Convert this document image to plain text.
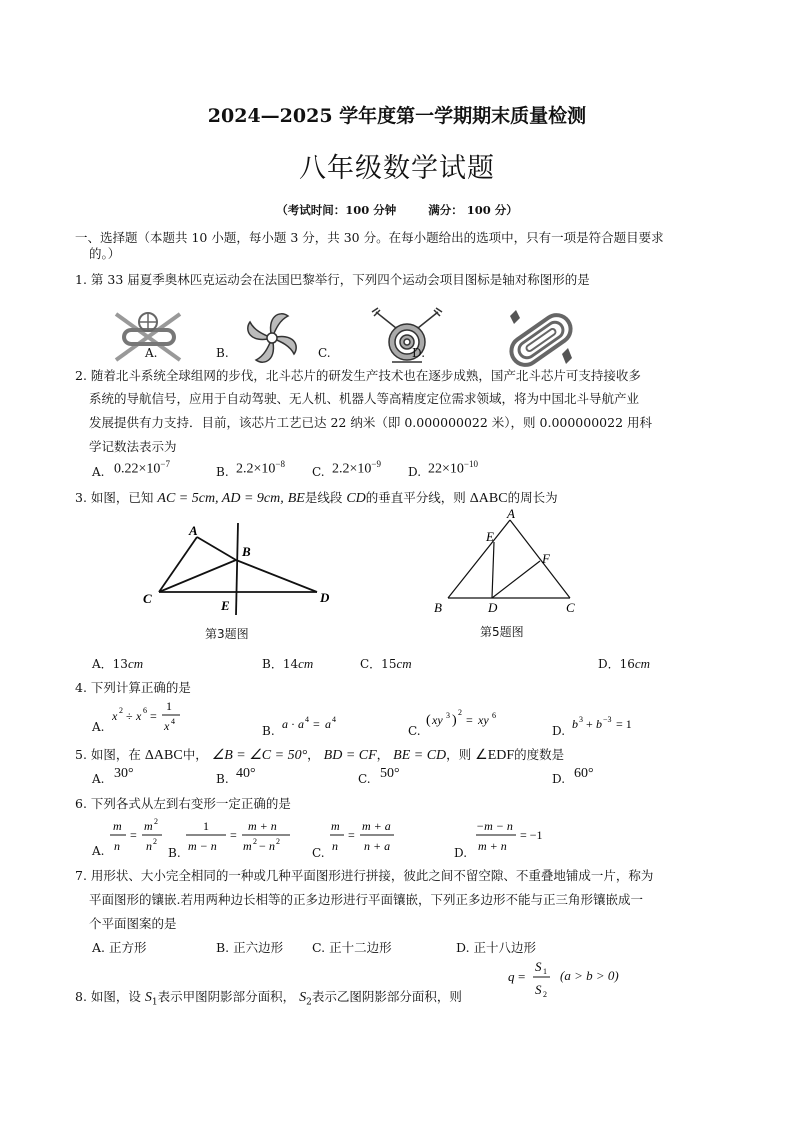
2024—2025 学年度第一学期期末质量检测
八年级数学试题
（考试时间：100 分钟	满分： 100 分）
一、选择题（本题共 10 小题，每小题 3 分，共 30 分。在每小题给出的选项中，只有一项是符合题目要求
的。）
1. 第 33 届夏季奥林匹克运动会在法国巴黎举行，下列四个运动会项目图标是轴对称图形的是
A.	B.	C.	D.
2. 随着北斗系统全球组网的步伐，北斗芯片的研发生产技术也在逐步成熟，国产北斗芯片可支持接收多
系统的导航信号，应用于自动驾驶、无人机、机器人等高精度定位需求领域，将为中国北斗导航产业
发展提供有力支持．目前，该芯片工艺已达 22 纳米（即 0.000000022 米），则 0.000000022 用科
学记数法表示为
A. $0.22\times 10^{-7}$
B. $2.2\times 10^{-8}$
C. $2.2\times 10^{-9}$
D. $22\times 10^{-10}$
3. 如图，已知 AC = 5cm, AD = 9cm, BE是线段 CD的垂直平分线，则 ΔABC的周长为
A
B
C	D
E
第3题图
A
E
F
B	D	C
第5题图
A．13cm	B．14cm	C．15cm	D．16cm
4. 下列计算正确的是
A.
x 2 ÷ x 6 =
1
x 4
B. a · a 4 = a 4
C.
( xy 3 )
2
= xy 6
D. b 3 + b −3 = 1
5. 如图，在 ΔABC中， ∠B = ∠C = 50°， BD = CF， BE = CD，则 ∠EDF的度数是
A. 30°	B. 40°	C. 50°	D. 60°
6. 下列各式从左到右变形一定正确的是
A.
m
n
=
m 2
n 2
B.
1
m − n
=
m + n
m 2 − n 2
C.
m
n
=
m + a
n + a	D.
−m − n
m + n
= −1
7. 用形状、大小完全相同的一种或几种平面图形进行拼接，彼此之间不留空隙、不重叠地铺成一片，称为
平面图形的镶嵌.若用两种边长相等的正多边形进行平面镶嵌，下列正多边形不能与正三角形镶嵌成一
个平面图案的是
A. 正方形	B. 正六边形 C. 正十二边形	D. 正十八边形
8. 如图，设 $S_1$表示甲图阴影部分面积， $S_2$表示乙图阴影部分面积，则
q =
S 1
S 2
(a > b > 0)
